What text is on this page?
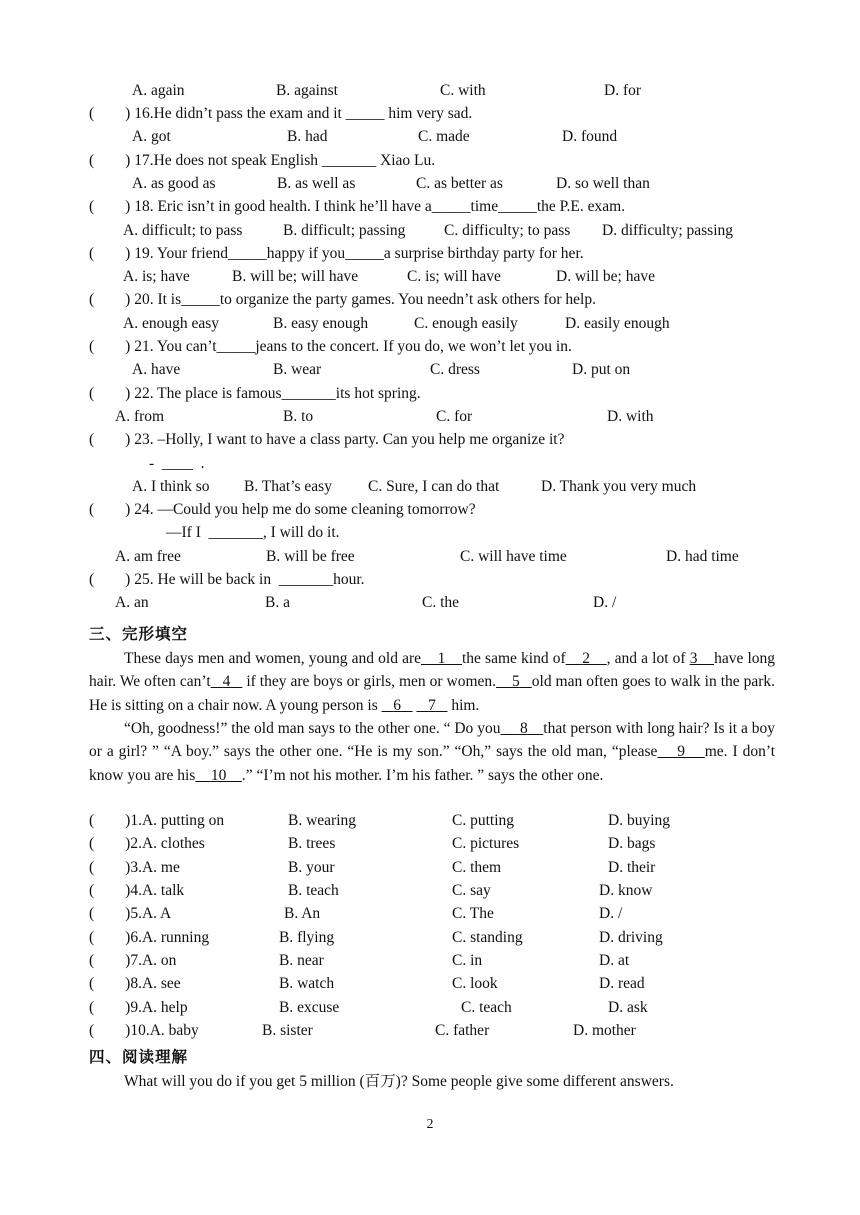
A. again	B. against	C. with	D. for
(        ) 16.He didn’t pass the exam and it _____ him very sad.
A. got	B. had	C. made	D. found
(        ) 17.He does not speak English _______ Xiao Lu.
A. as good as	B. as well as	C. as better as	D. so well than
(        ) 18. Eric isn’t in good health. I think he’ll have a_____time_____the P.E. exam.
A. difficult; to pass	B. difficult; passing C. difficulty; to pass D. difficulty; passing
(        ) 19. Your friend_____happy if you_____a surprise birthday party for her.
A. is; have	B. will be; will have	C. is; will have	D. will be; have
(        ) 20. It is_____to organize the party games. You needn’t ask others for help.
A. enough easy	B. easy enough	C. enough easily	D. easily enough
(        ) 21. You can’t_____jeans to the concert. If you do, we won’t let you in.
A. have	B. wear	C. dress	D. put on
(        ) 22. The place is famous_______its hot spring.
A. from	B. to	C. for	D. with
(        ) 23. –Holly, I want to have a class party. Can you help me organize it?
-  ____  .
A. I think so B. That’s easy C. Sure, I can do that	D. Thank you very much
(        ) 24. —Could you help me do some cleaning tomorrow?
—If I  _______, I will do it.
A. am free	B. will be free	C. will have time	D. had time
(        ) 25. He will be back in  _______hour.
A. an	B. a	C. the	D. /
三、完形填空
These days men and women, young and old are 1 the same kind of 2 , and a lot of 3 have long hair. We often can’t 4    if they are boys or girls, men or women. 5 old man often goes to walk in the park. He is sitting on a chair now. A young person is    6 7    him.
“Oh, goodness!” the old man says to the other one. “ Do you 8 that person with long hair? Is it a boy or a girl? ” “A boy.” says the other one. “He is my son.” “Oh,” says the old man, “please 9 me. I don’t know you are his 10 .” “I’m not his mother. I’m his father. ” says the other one.
(        )1.A. putting on	B. wearing	C. putting	D. buying
(        )2.A. clothes	B. trees	C. pictures	D. bags
(        )3.A. me	B. your	C. them	D. their
(        )4.A. talk	B. teach	C. say	D. know
(        )5.A. A	B. An	C. The	D. /
(        )6.A. running	B. flying	C. standing	D. driving
(        )7.A. on	B. near	C. in	D. at
(        )8.A. see	B. watch	C. look	D. read
(        )9.A. help	B. excuse	C. teach	D. ask
(        )10.A. baby	B. sister	C. father	D. mother
四、阅读理解
What will you do if you get 5 million (百万)? Some people give some different answers.
2
